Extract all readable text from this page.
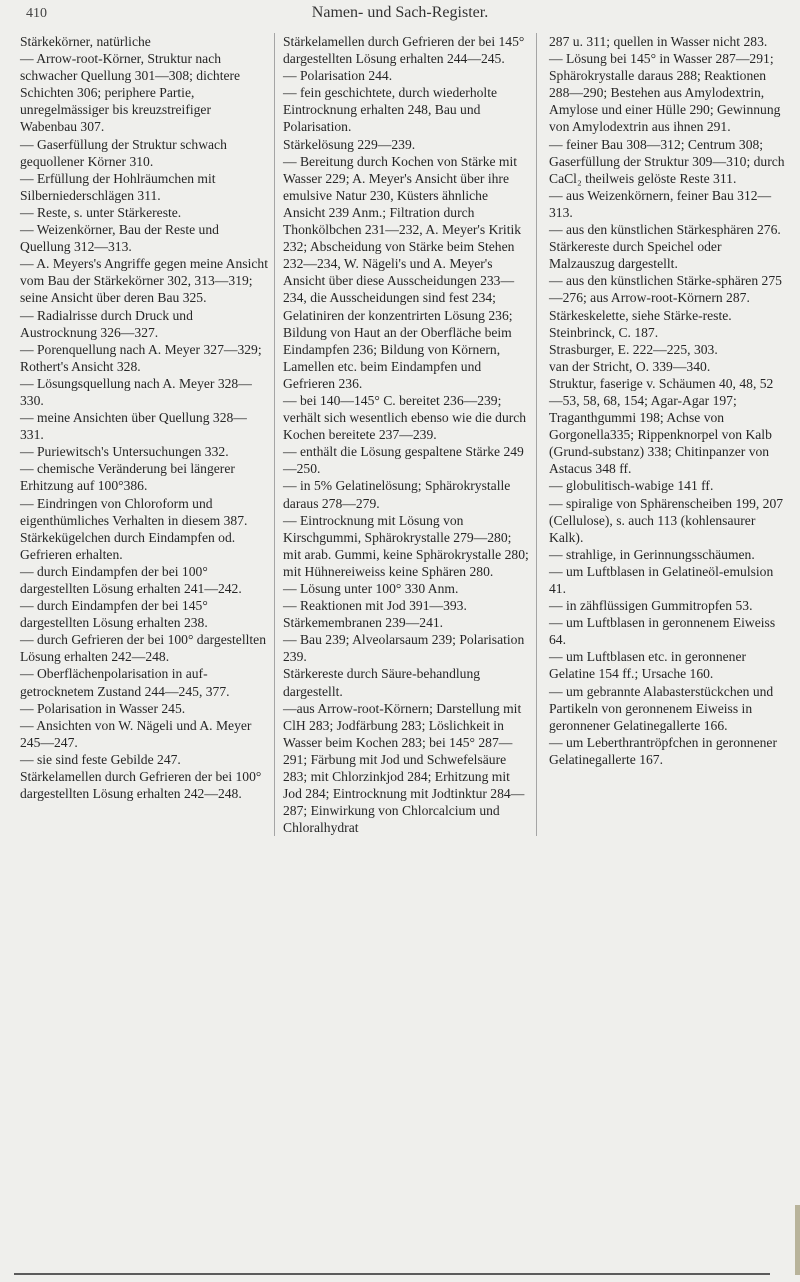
410	Namen- und Sach-Register.

Stärkekörner, natürliche

— Arrow-root-Körner, Struktur nach schwacher Quellung 301—308; dichtere Schichten 306; periphere Partie, unregelmässiger bis kreuzstreifiger Wabenbau 307.

— Gaserfüllung der Struktur schwach gequollener Körner 310.

— Erfüllung der Hohlräumchen mit Silberniederschlägen 311.

— Reste, s. unter Stärkereste.

— Weizenkörner, Bau der Reste und Quellung 312—313.

— A. Meyers's Angriffe gegen meine Ansicht vom Bau der Stärkekörner 302, 313—319; seine Ansicht über deren Bau 325.

— Radialrisse durch Druck und Austrocknung 326—327.

— Porenquellung nach A. Meyer 327—329; Rothert's Ansicht 328.

— Lösungsquellung nach A. Meyer 328—330.

— meine Ansichten über Quellung 328—331.

— Puriewitsch's Untersuchungen 332.

— chemische Veränderung bei längerer Erhitzung auf 100°386.

— Eindringen von Chloroform und eigenthümliches Verhalten in diesem 387.

Stärkekügelchen durch Eindampfen od. Gefrieren erhalten.

— durch Eindampfen der bei 100° dargestellten Lösung erhalten 241—242.

— durch Eindampfen der bei 145° dargestellten Lösung erhalten 238.

— durch Gefrieren der bei 100° dargestellten Lösung erhalten 242—248.

— Oberflächenpolarisation in auf-getrocknetem Zustand 244—245, 377.

— Polarisation in Wasser 245.

— Ansichten von W. Nägeli und A. Meyer 245—247.

— sie sind feste Gebilde 247.

Stärkelamellen durch Gefrieren der bei 100° dargestellten Lösung erhalten 242—248.

Stärkelamellen durch Gefrieren der bei 145° dargestellten Lösung erhalten 244—245.

— Polarisation 244.

— fein geschichtete, durch wiederholte Eintrocknung erhalten 248, Bau und Polarisation.

Stärkelösung 229—239.

— Bereitung durch Kochen von Stärke mit Wasser 229; A. Meyer's Ansicht über ihre emulsive Natur 230, Küsters ähnliche Ansicht 239 Anm.; Filtration durch Thonkölbchen 231—232, A. Meyer's Kritik 232; Abscheidung von Stärke beim Stehen 232—234, W. Nägeli's und A. Meyer's Ansicht über diese Ausscheidungen 233—234, die Ausscheidungen sind fest 234; Gelatiniren der konzentrirten Lösung 236; Bildung von Haut an der Oberfläche beim Eindampfen 236; Bildung von Körnern, Lamellen etc. beim Eindampfen und Gefrieren 236.

— bei 140—145° C. bereitet 236—239; verhält sich wesentlich ebenso wie die durch Kochen bereitete 237—239.

— enthält die Lösung gespaltene Stärke 249—250.

— in 5% Gelatinelösung; Sphärokrystalle daraus 278—279.

— Eintrocknung mit Lösung von Kirschgummi, Sphärokrystalle 279—280; mit arab. Gummi, keine Sphärokrystalle 280; mit Hühnereiweiss keine Sphären 280.

— Lösung unter 100° 330 Anm.

— Reaktionen mit Jod 391—393.

Stärkemembranen 239—241.

— Bau 239; Alveolarsaum 239; Polarisation 239.

Stärkereste durch Säure-behandlung dargestellt.

—aus Arrow-root-Körnern; Darstellung mit ClH 283; Jodfärbung 283; Löslichkeit in Wasser beim Kochen 283; bei 145° 287—291; Färbung mit Jod und Schwefelsäure 283; mit Chlorzinkjod 284; Erhitzung mit Jod 284; Eintrocknung mit Jodtinktur 284—287; Einwirkung von Chlorcalcium und Chloralhydrat

287 u. 311; quellen in Wasser nicht 283.

— Lösung bei 145° in Wasser 287—291; Sphärokrystalle daraus 288; Reaktionen 288—290; Bestehen aus Amylodextrin, Amylose und einer Hülle 290; Gewinnung von Amylodextrin aus ihnen 291.

— feiner Bau 308—312; Centrum 308; Gaserfüllung der Struktur 309—310; durch CaCl₂ theilweis gelöste Reste 311.

— aus Weizenkörnern, feiner Bau 312—313.

— aus den künstlichen Stärkesphären 276.

Stärkereste durch Speichel oder Malzauszug dargestellt.

— aus den künstlichen Stärke-sphären 275—276; aus Arrow-root-Körnern 287.

Stärkeskelette, siehe Stärke-reste.

Steinbrinck, C. 187.

Strasburger, E. 222—225, 303.

van der Stricht, O. 339—340.

Struktur, faserige v. Schäumen 40, 48, 52—53, 58, 68, 154; Agar-Agar 197; Traganthgummi 198; Achse von Gorgonella335; Rippenknorpel von Kalb (Grund-substanz) 338; Chitinpanzer von Astacus 348 ff.

— globulitisch-wabige 141 ff.

— spiralige von Sphärenscheiben 199, 207 (Cellulose), s. auch 113 (kohlensaurer Kalk).

— strahlige, in Gerinnungsschäumen.

— um Luftblasen in Gelatineöl-emulsion 41.

— in zähflüssigen Gummitropfen 53.

— um Luftblasen in geronnenem Eiweiss 64.

— um Luftblasen etc. in geronnener Gelatine 154 ff.; Ursache 160.

— um gebrannte Alabasterstückchen und Partikeln von geronnenem Eiweiss in geronnener Gelatinegallerte 166.

— um Leberthrantröpfchen in geronnener Gelatinegallerte 167.
